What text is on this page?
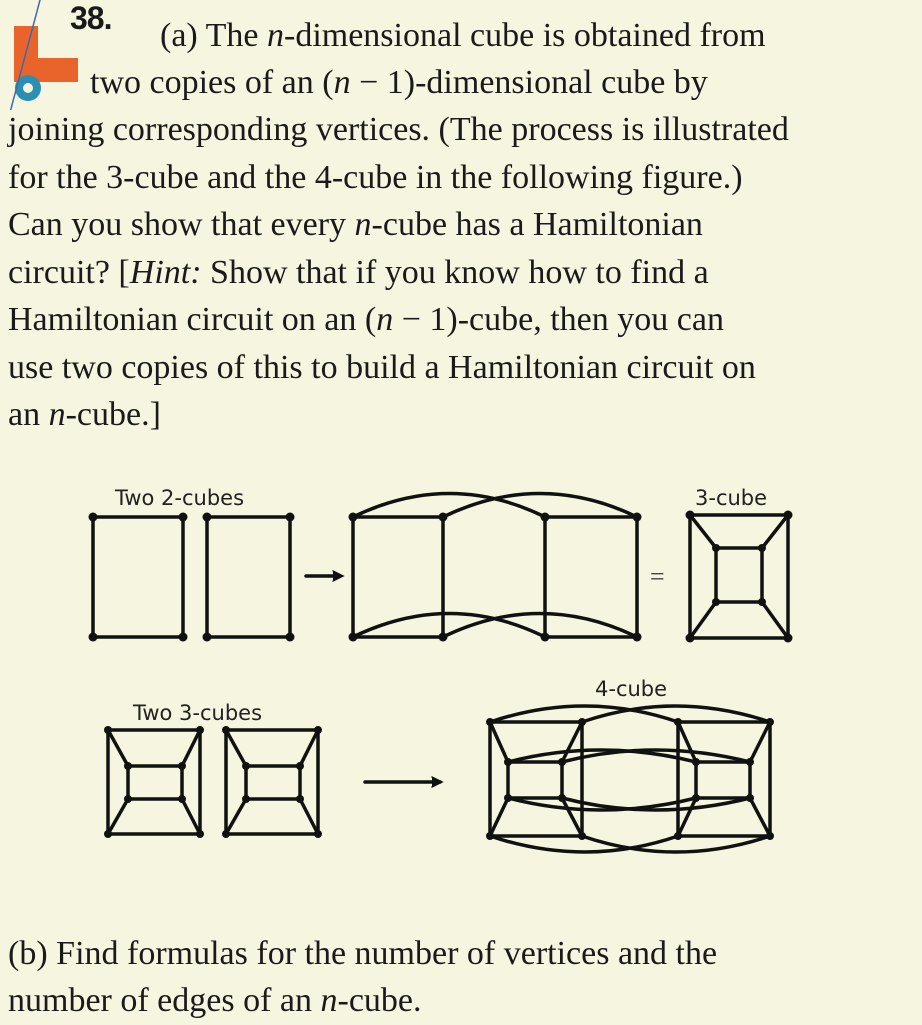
38. (a) The n-dimensional cube is obtained from
two copies of an (n − 1)-dimensional cube by
joining corresponding vertices. (The process is illustrated
for the 3-cube and the 4-cube in the following figure.)
Can you show that every n-cube has a Hamiltonian
circuit? [Hint: Show that if you know how to find a
Hamiltonian circuit on an (n − 1)-cube, then you can
use two copies of this to build a Hamiltonian circuit on
an n-cube.]
Two 2-cubes	3-cube
Two 3-cubes
4-cube
=
(b) Find formulas for the number of vertices and the
number of edges of an n-cube.
